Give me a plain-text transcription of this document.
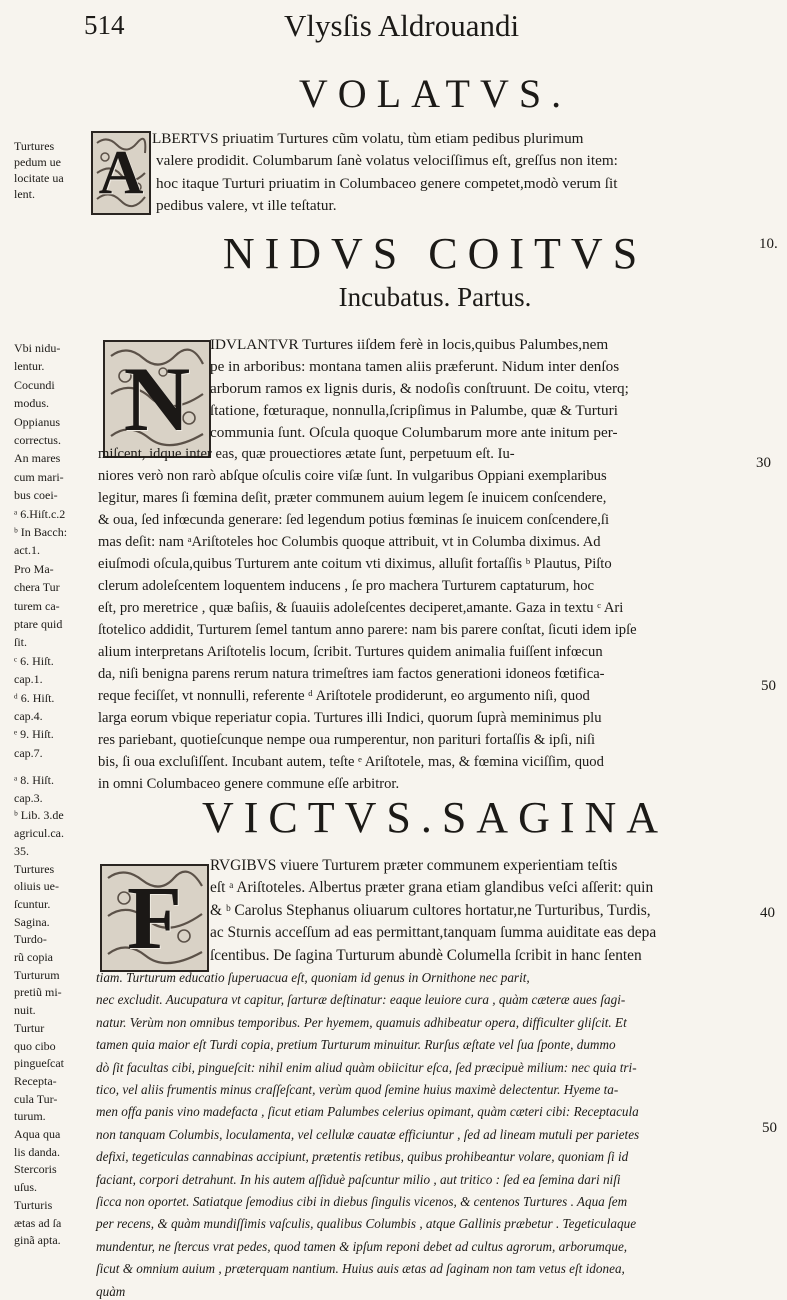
514	Vlysſis Aldrouandi
VOLATVS.
Turtures
pedum ue
locitate ua
lent.	A LBERTVS priuatim Turtures cũm volatu, tùm etiam pedibus plurimum
valere prodidit. Columbarum ſanè volatus velociſſimus eſt, greſſus non item:
hoc itaque Turturi priuatim in Columbaceo genere competet,modò verum ſit
pedibus valere, vt ille teſtatur.
10.
NIDVS COITVS
Incubatus. Partus.
Vbi nidu-
lentur.
Cocundi
modus.
Oppianus
correctus.
An mares
cum mari-
bus coei-
ᵃ 6.Hiſt.c.2
ᵇ In Bacch:
act.1.
Pro Ma-
chera Tur
turem ca-
ptare quid
ſit.
ᶜ 6. Hiſt.
cap.1.
ᵈ 6. Hiſt.
cap.4.
ᵉ 9. Hiſt.
cap.7.
N
IDVLANTVR Turtures iiſdem ferè in locis,quibus Palumbes,nem
pe in arboribus: montana tamen aliis præferunt. Nidum inter denſos
arborum ramos ex lignis duris, & nodoſis conſtruunt. De coitu, vterq;
ſtatione, fœturaque, nonnulla,ſcripſimus in Palumbe, quæ & Turturi
communia ſunt. Oſcula quoque Columbarum more ante initum per-
miſcent, idque inter eas, quæ prouectiores ætate ſunt, perpetuum eſt. Iu-
niores verò non rarò abſque oſculis coire viſæ ſunt. In vulgaribus Oppiani exemplaribus
legitur, mares ſi fœmina deſit, præter communem auium legem ſe inuicem conſcendere,
& oua, ſed infœcunda generare: ſed legendum potius fœminas ſe inuicem conſcendere,ſi
mas deſit: nam ᵃAriſtoteles hoc Columbis quoque attribuit, vt in Columba diximus. Ad
eiuſmodi oſcula,quibus Turturem ante coitum vti diximus, alluſit fortaſſis ᵇ Plautus, Piſto
clerum adoleſcentem loquentem inducens , ſe pro machera Turturem captaturum, hoc
eſt, pro meretrice , quæ baſiis, & ſuauiis adoleſcentes deciperet,amante. Gaza in textu ᶜ Ari
ſtotelico addidit, Turturem ſemel tantum anno parere: nam bis parere conſtat, ſicuti idem ipſe
alium interpretans Ariſtotelis locum, ſcribit. Turtures quidem animalia fuiſſent infœcun
da, niſi benigna parens rerum natura trimeſtres iam factos generationi idoneos fœtifica-
reque feciſſet, vt nonnulli, referente ᵈ Ariſtotele prodiderunt, eo argumento niſi, quod
larga eorum vbique reperiatur copia. Turtures illi Indici, quorum ſuprà meminimus plu
res pariebant, quotieſcunque nempe oua rumperentur, non parituri fortaſſis & ipſi, niſi
bis, ſi oua excluſiſſent. Incubant autem, teſte ᵉ Ariſtotele, mas, & fœmina viciſſim, quod
in omni Columbaceo genere commune eſſe arbitror.
30
50
VICTVS.SAGINA
ᵃ 8. Hiſt.
cap.3.
ᵇ Lib. 3.de
agricul.ca.
35.
Turtures
oliuis ue-
ſcuntur.
Sagina.
Turdo-
rũ copia
Turturum
pretiũ mi-
nuit.
Turtur
quo cibo
pingueſcat
Recepta-
cula Tur-
turum.
Aqua qua
lis danda.
Stercoris
uſus.
Turturis
ætas ad ſa
ginã apta.
F
RVGIBVS viuere Turturem præter communem experientiam teſtis
eſt ᵃ Ariſtoteles. Albertus præter grana etiam glandibus veſci aſſerit: quin
& ᵇ Carolus Stephanus oliuarum cultores hortatur,ne Turturibus, Turdis,
ac Sturnis acceſſum ad eas permittant,tanquam ſumma auiditate eas depa
ſcentibus. De ſagina Turturum abundè Columella ſcribit in hanc ſenten
tiam. Turturum educatio ſuperuacua eſt, quoniam id genus in Ornithone nec parit,
nec excludit. Aucupatura vt capitur, ſarturæ deſtinatur: eaque leuiore cura , quàm cæteræ aues ſagi-
natur. Verùm non omnibus temporibus. Per hyemem, quamuis adhibeatur opera, difficulter gliſcit. Et
tamen quia maior eſt Turdi copia, pretium Turturum minuitur. Rurſus æſtate vel ſua ſponte, dummo
dò ſit facultas cibi, pingueſcit: nihil enim aliud quàm obiicitur eſca, ſed præcipuè milium: nec quia tri-
tico, vel aliis frumentis minus craſſeſcant, verùm quod ſemine huius maximè delectentur. Hyeme ta-
men offa panis vino madefacta , ſicut etiam Palumbes celerius opimant, quàm cæteri cibi: Receptacula
non tanquam Columbis, loculamenta, vel cellulæ cauatæ efficiuntur , ſed ad lineam mutuli per parietes
defixi, tegeticulas cannabinas accipiunt, prætentis retibus, quibus prohibeantur volare, quoniam ſi id
faciant, corpori detrahunt. In his autem aſſiduè paſcuntur milio , aut tritico : ſed ea ſemina dari niſi
ſicca non oportet. Satiatque ſemodius cibi in diebus ſingulis vicenos, & centenos Turtures . Aqua ſem
per recens, & quàm mundiſſimis vaſculis, qualibus Columbis , atque Gallinis præbetur . Tegeticulaque
mundentur, ne ſtercus vrat pedes, quod tamen & ipſum reponi debet ad cultus agrorum, arborumque,
ſicut & omnium auium , præterquam nantium. Huius auis ætas ad ſaginam non tam vetus eſt idonea,
quàm
40
50
